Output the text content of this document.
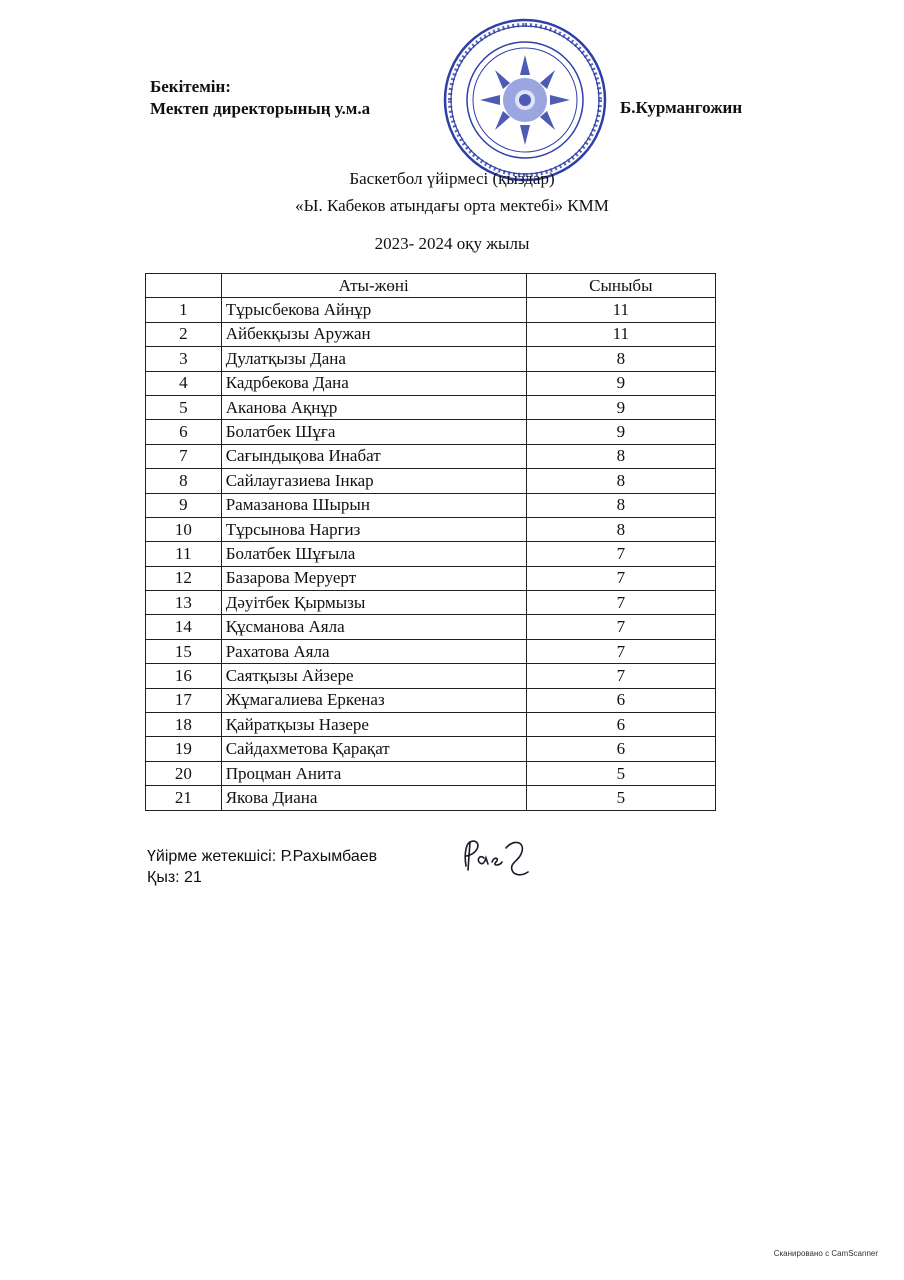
Бекітемін:
Мектеп директорының у.м.а	Б.Курмангожин
Баскетбол үйірмесі (қыздар)
«Ы. Кабеков атындағы орта мектебі» КММ
2023- 2024 оқу жылы
	Аты-жөні	Сыныбы
1	Тұрысбекова Айнұр	11
2	Айбекқызы Аружан	11
3	Дулатқызы Дана	8
4	Кадрбекова Дана	9
5	Аканова Ақнұр	9
6	Болатбек Шұға	9
7	Сағындықова Инабат	8
8	Сайлаугазиева Інкар	8
9	Рамазанова Шырын	8
10	Тұрсынова Наргиз	8
11	Болатбек Шұғыла	7
12	Базарова Меруерт	7
13	Дәуітбек Қырмызы	7
14	Құсманова Аяла	7
15	Рахатова Аяла	7
16	Саятқызы Айзере	7
17	Жұмагалиева Еркеназ	6
18	Қайратқызы Назере	6
19	Сайдахметова Қарақат	6
20	Процман Анита	5
21	Якова Диана	5
Үйірме жетекшісі: Р.Рахымбаев
Қыз: 21
Сканировано с CamScanner
